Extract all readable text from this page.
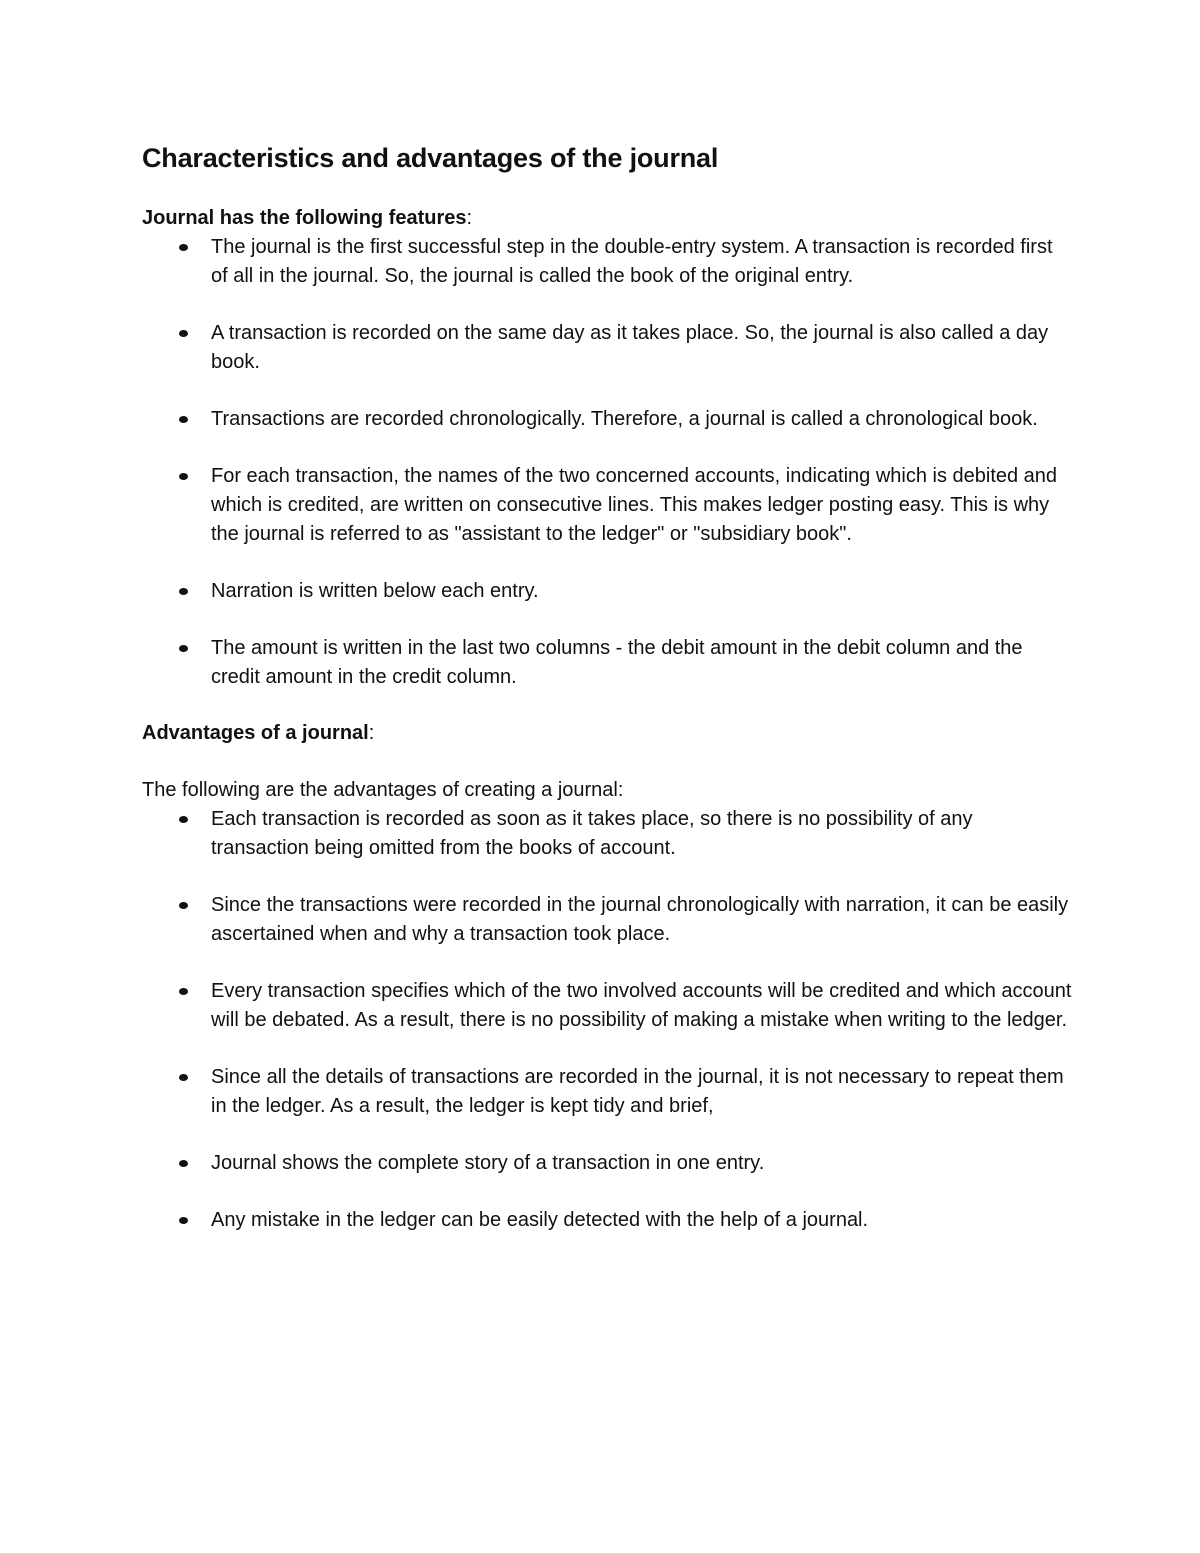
Characteristics and advantages of the journal

Journal has the following features:

The journal is the first successful step in the double-entry system. A transaction is recorded first of all in the journal. So, the journal is called the book of the original entry.
A transaction is recorded on the same day as it takes place. So, the journal is also called a day book.
Transactions are recorded chronologically. Therefore, a journal is called a chronological book.
For each transaction, the names of the two concerned accounts, indicating which is debited and which is credited, are written on consecutive lines. This makes ledger posting easy. This is why the journal is referred to as "assistant to the ledger" or "subsidiary book".
Narration is written below each entry.
The amount is written in the last two columns - the debit amount in the debit column and the credit amount in the credit column.

Advantages of a journal:

The following are the advantages of creating a journal:

Each transaction is recorded as soon as it takes place, so there is no possibility of any transaction being omitted from the books of account.
Since the transactions were recorded in the journal chronologically with narration, it can be easily ascertained when and why a transaction took place.
Every transaction specifies which of the two involved accounts will be credited and which account will be debated. As a result, there is no possibility of making a mistake when writing to the ledger.
Since all the details of transactions are recorded in the journal, it is not necessary to repeat them in the ledger. As a result, the ledger is kept tidy and brief,
Journal shows the complete story of a transaction in one entry.
Any mistake in the ledger can be easily detected with the help of a journal.
